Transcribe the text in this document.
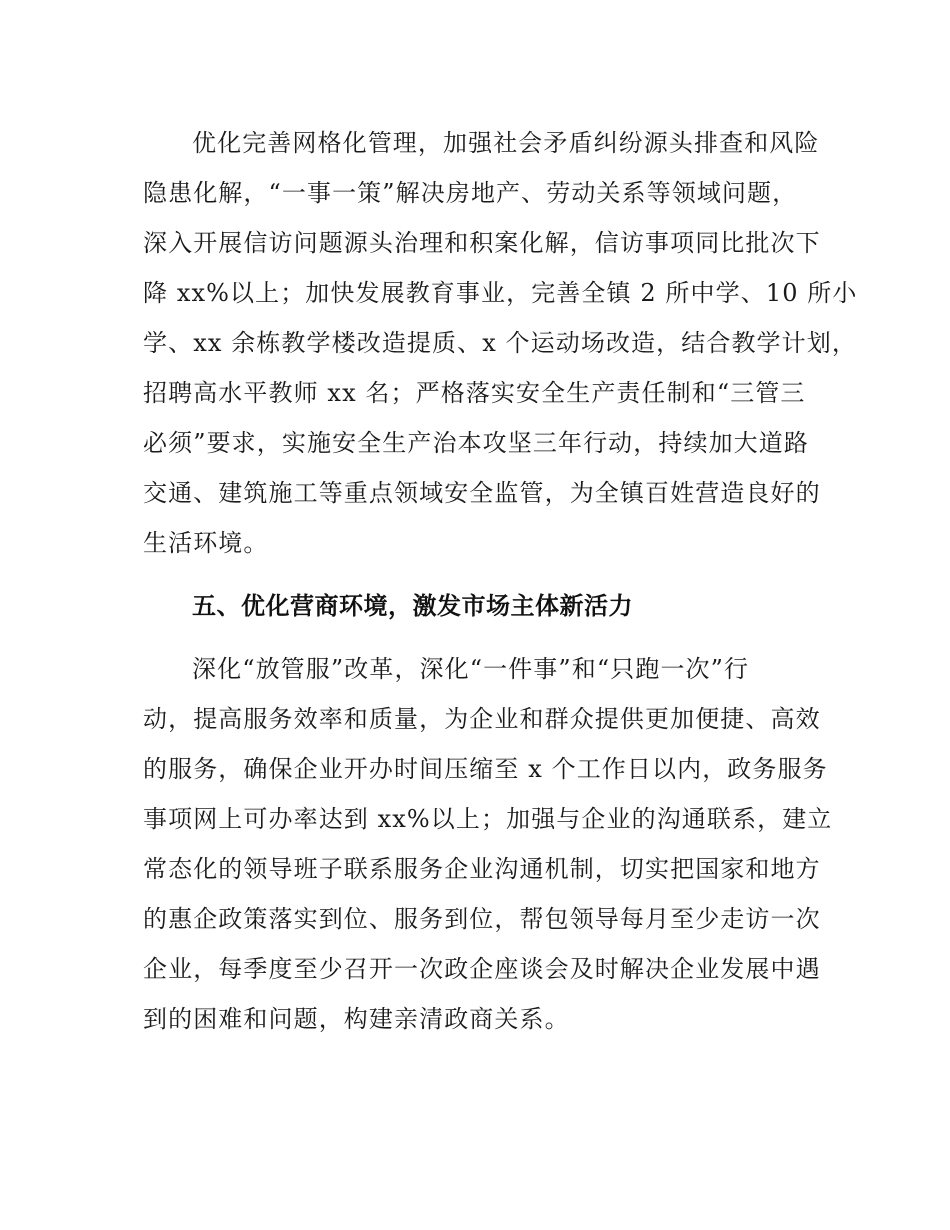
优化完善网格化管理，加强社会矛盾纠纷源头排查和风险
隐患化解，“一事一策”解决房地产、劳动关系等领域问题，
深入开展信访问题源头治理和积案化解，信访事项同比批次下
降 xx%以上；加快发展教育事业，完善全镇 2 所中学、10 所小
学、xx 余栋教学楼改造提质、x 个运动场改造，结合教学计划，
招聘高水平教师 xx 名；严格落实安全生产责任制和“三管三
必须”要求，实施安全生产治本攻坚三年行动，持续加大道路
交通、建筑施工等重点领域安全监管，为全镇百姓营造良好的
生活环境。
五、优化营商环境，激发市场主体新活力
深化“放管服”改革，深化“一件事”和“只跑一次”行
动，提高服务效率和质量，为企业和群众提供更加便捷、高效
的服务，确保企业开办时间压缩至 x 个工作日以内，政务服务
事项网上可办率达到 xx%以上；加强与企业的沟通联系，建立
常态化的领导班子联系服务企业沟通机制，切实把国家和地方
的惠企政策落实到位、服务到位，帮包领导每月至少走访一次
企业，每季度至少召开一次政企座谈会及时解决企业发展中遇
到的困难和问题，构建亲清政商关系。
